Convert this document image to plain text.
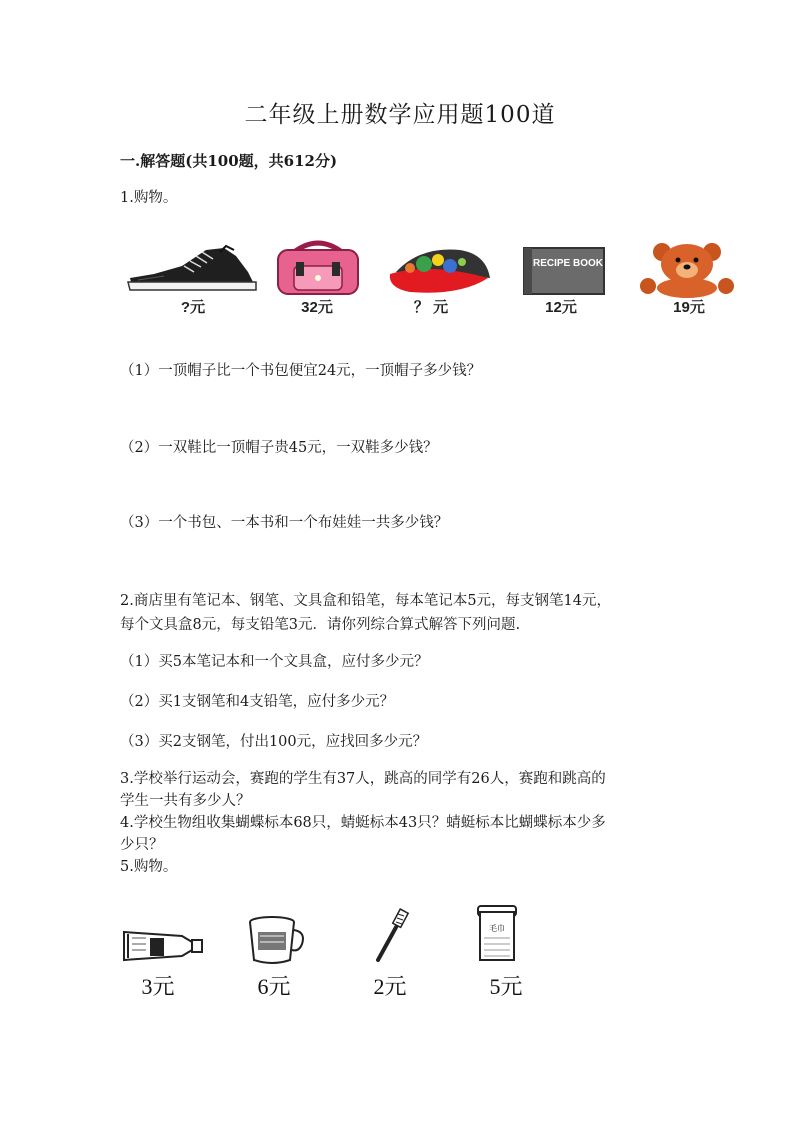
二年级上册数学应用题100道
一.解答题(共100题，共612分)
1.购物。
RECIPE BOOK
?元	32元	？ 元	12元	19元
（1）一顶帽子比一个书包便宜24元，一顶帽子多少钱？
（2）一双鞋比一顶帽子贵45元，一双鞋多少钱？
（3）一个书包、一本书和一个布娃娃一共多少钱？
2.商店里有笔记本、钢笔、文具盒和铅笔，每本笔记本5元，每支钢笔14元，
每个文具盒8元，每支铅笔3元．请你列综合算式解答下列问题.
（1）买5本笔记本和一个文具盒，应付多少元？
（2）买1支钢笔和4支铅笔，应付多少元？
（3）买2支钢笔，付出100元，应找回多少元？
3.学校举行运动会，赛跑的学生有37人，跳高的同学有26人，赛跑和跳高的
学生一共有多少人？
4.学校生物组收集蝴蝶标本68只，蜻蜓标本43只？蜻蜓标本比蝴蝶标本少多
少只？
5.购物。
毛巾
3元	6元	2元	5元
